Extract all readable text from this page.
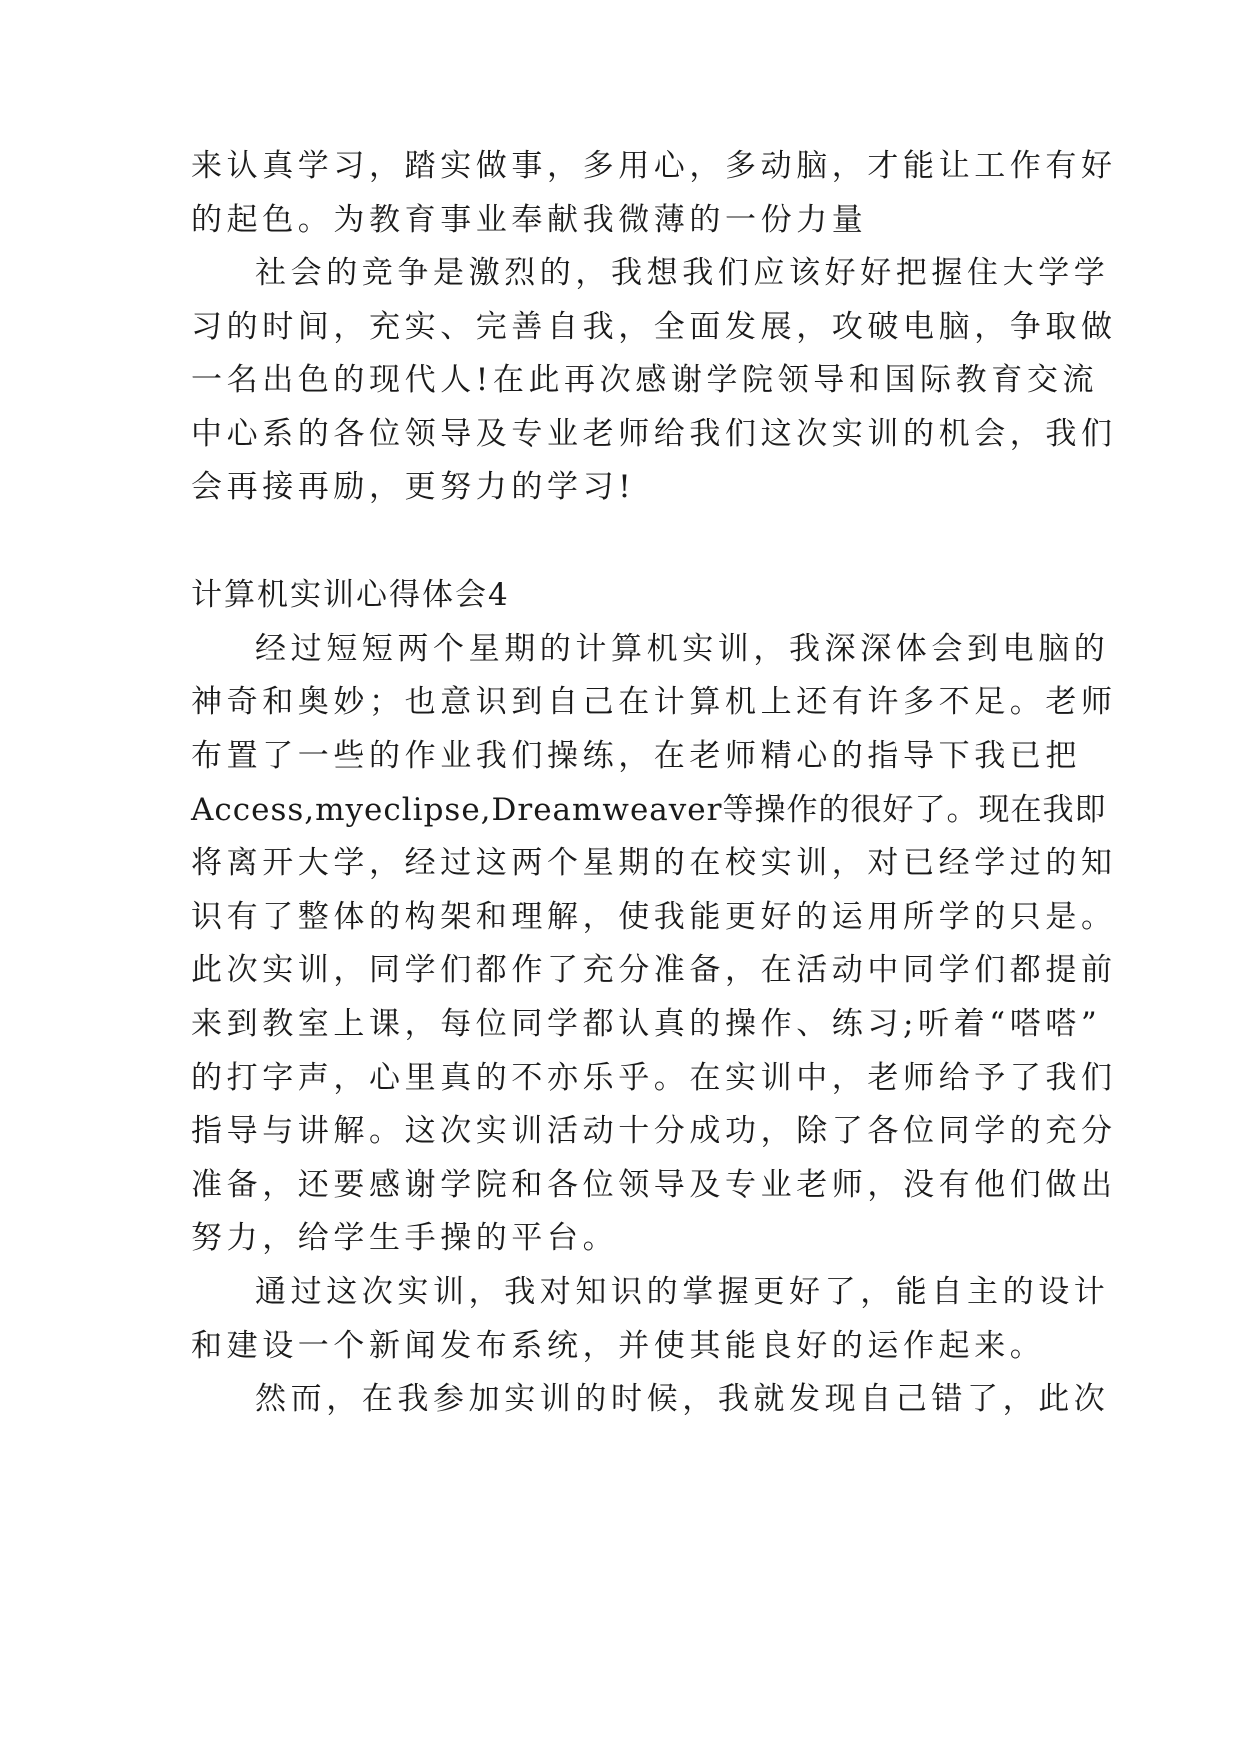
来认真学习，踏实做事，多用心，多动脑，才能让工作有好
的起色。为教育事业奉献我微薄的一份力量
社会的竞争是激烈的，我想我们应该好好把握住大学学
习的时间，充实、完善自我，全面发展，攻破电脑，争取做
一名出色的现代人!在此再次感谢学院领导和国际教育交流
中心系的各位领导及专业老师给我们这次实训的机会，我们
会再接再励，更努力的学习!
计算机实训心得体会4
经过短短两个星期的计算机实训，我深深体会到电脑的
神奇和奥妙；也意识到自己在计算机上还有许多不足。老师
布置了一些的作业我们操练，在老师精心的指导下我已把
Access,myeclipse,Dreamweaver等操作的很好了。现在我即
将离开大学，经过这两个星期的在校实训，对已经学过的知
识有了整体的构架和理解，使我能更好的运用所学的只是。
此次实训，同学们都作了充分准备，在活动中同学们都提前
来到教室上课，每位同学都认真的操作、练习;听着“嗒嗒”
的打字声，心里真的不亦乐乎。在实训中，老师给予了我们
指导与讲解。这次实训活动十分成功，除了各位同学的充分
准备，还要感谢学院和各位领导及专业老师，没有他们做出
努力，给学生手操的平台。
通过这次实训，我对知识的掌握更好了，能自主的设计
和建设一个新闻发布系统，并使其能良好的运作起来。
然而，在我参加实训的时候，我就发现自己错了，此次
